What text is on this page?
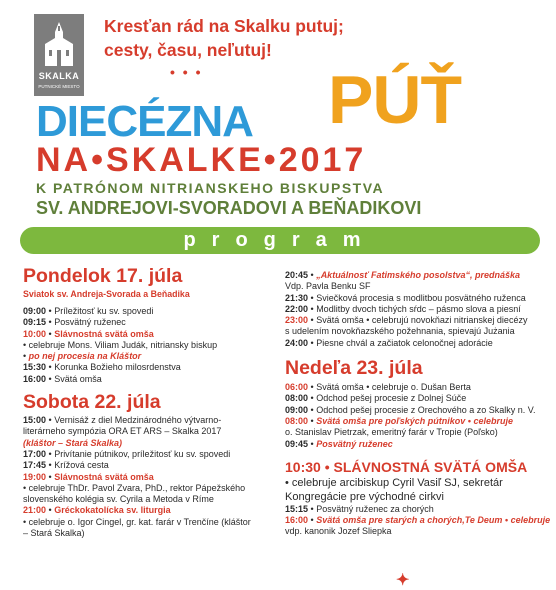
SKALKA
PUTNICKÉ MIESTO
Kresťan rád na Skalku putuj;
cesty, času, neľutuj!
• • • PÚŤ
DIECÉZNA
NA•SKALKE•2017
K PATRÓNOM NITRIANSKEHO BISKUPSTVA
SV. ANDREJOVI-SVORADOVI A BEŇADIKOVI
program
Pondelok 17. júla
Sviatok sv. Andreja-Svorada a Beňadika
09:00 • Príležitosť ku sv. spovedi
09:15 • Posvätný ruženec
10:00 • Slávnostná svätá omša
• celebruje Mons. Viliam Judák, nitriansky biskup
• po nej procesia na Kláštor
15:30 • Korunka Božieho milosrdenstva
16:00 • Svätá omša
Sobota 22. júla
15:00 • Vernisáž z diel Medzinárodného výtvarno-
literárneho sympózia ORA ET ARS – Skalka 2017
(kláštor – Stará Skalka)
17:00 • Privítanie pútnikov, príležitosť ku sv. spovedi
17:45 • Krížová cesta
19:00 • Slávnostná svätá omša
• celebruje ThDr. Pavol Zvara, PhD., rektor Pápežského
slovenského kolégia sv. Cyrila a Metoda v Ríme
21:00 • Gréckokatolícka sv. liturgia
• celebruje o. Igor Cingel, gr. kat. farár v Trenčíne (kláštor
– Stará Skalka)
20:45 • „Aktuálnosť Fatimského posolstva“, prednáška
Vdp. Pavla Benku SF
21:30 • Sviečková procesia s modlitbou posvätného ruženca
22:00 • Modlitby dvoch tichých sŕdc – pásmo slova a piesní
23:00 • Svätá omša • celebrujú novokňazi nitrianskej diecézy
s udelením novokňazského požehnania, spievajú Jużania
24:00 • Piesne chvál a začiatok celonočnej adorácie
Nedeľa 23. júla
06:00 • Svätá omša • celebruje o. Dušan Berta
08:00 • Odchod pešej procesie z Dolnej Súče
09:00 • Odchod pešej procesie z Orechového a zo Skalky n. V.
08:00 • Svätá omša pre poľských pútnikov • celebruje
o. Stanislav Pietrzak, emeritný farár v Tropie (Poľsko)
09:45 • Posvätný ruženec
10:30 • SLÁVNOSTNÁ SVÄTÁ OMŠA
• celebruje arcibiskup Cyril Vasiľ SJ, sekretár
Kongregácie pre východné cirkvi
15:15 • Posvätný ruženec za chorých
16:00 • Svätá omša pre starých a chorých,Te Deum • celebruje
vdp. kanonik Jozef Sliepka
✦
